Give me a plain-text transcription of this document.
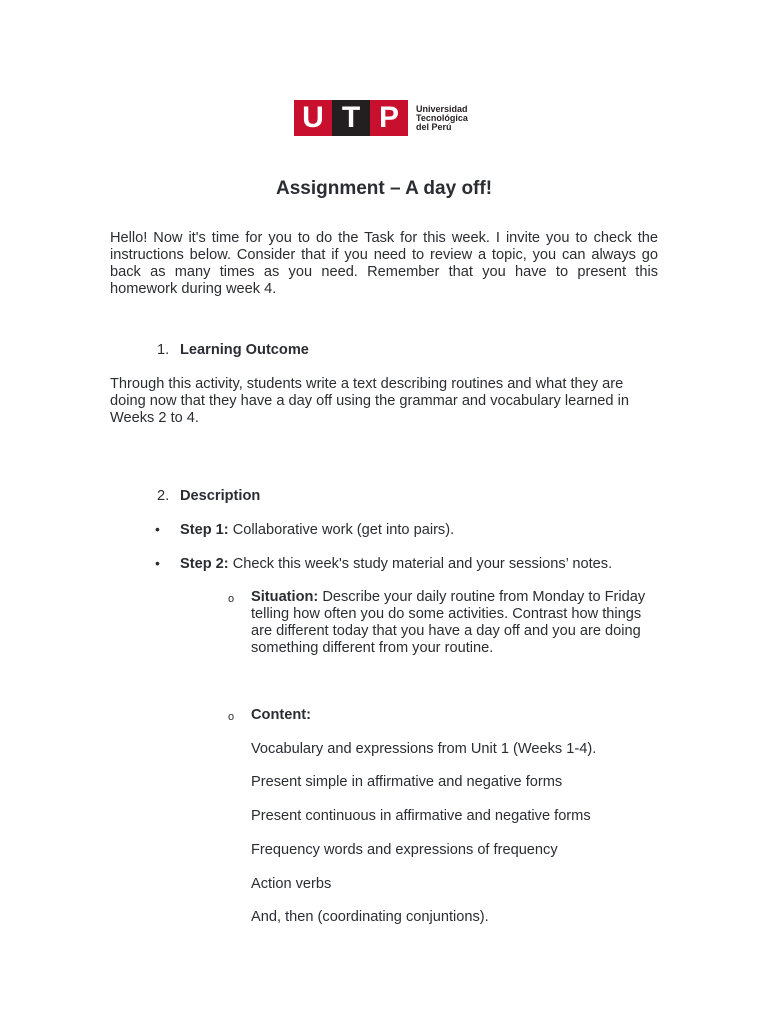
U T P	Universidad
Tecnológica
del Perú
Assignment – A day off!
Hello! Now it's time for you to do the Task for this week. I invite you to check the instructions below. Consider that if you need to review a topic, you can always go back as many times as you need. Remember that you have to present this homework during week 4.
1. Learning Outcome
Through this activity, students write a text describing routines and what they are doing now that they have a day off using the grammar and vocabulary learned in Weeks 2 to 4.
2. Description
• Step 1: Collaborative work (get into pairs).
• Step 2: Check this week's study material and your sessions’ notes.
o Situation: Describe your daily routine from Monday to Friday telling how often you do some activities. Contrast how things are different today that you have a day off and you are doing something different from your routine.
o Content:
Vocabulary and expressions from Unit 1 (Weeks 1-4).
Present simple in affirmative and negative forms
Present continuous in affirmative and negative forms
Frequency words and expressions of frequency
Action verbs
And, then (coordinating conjuntions).
